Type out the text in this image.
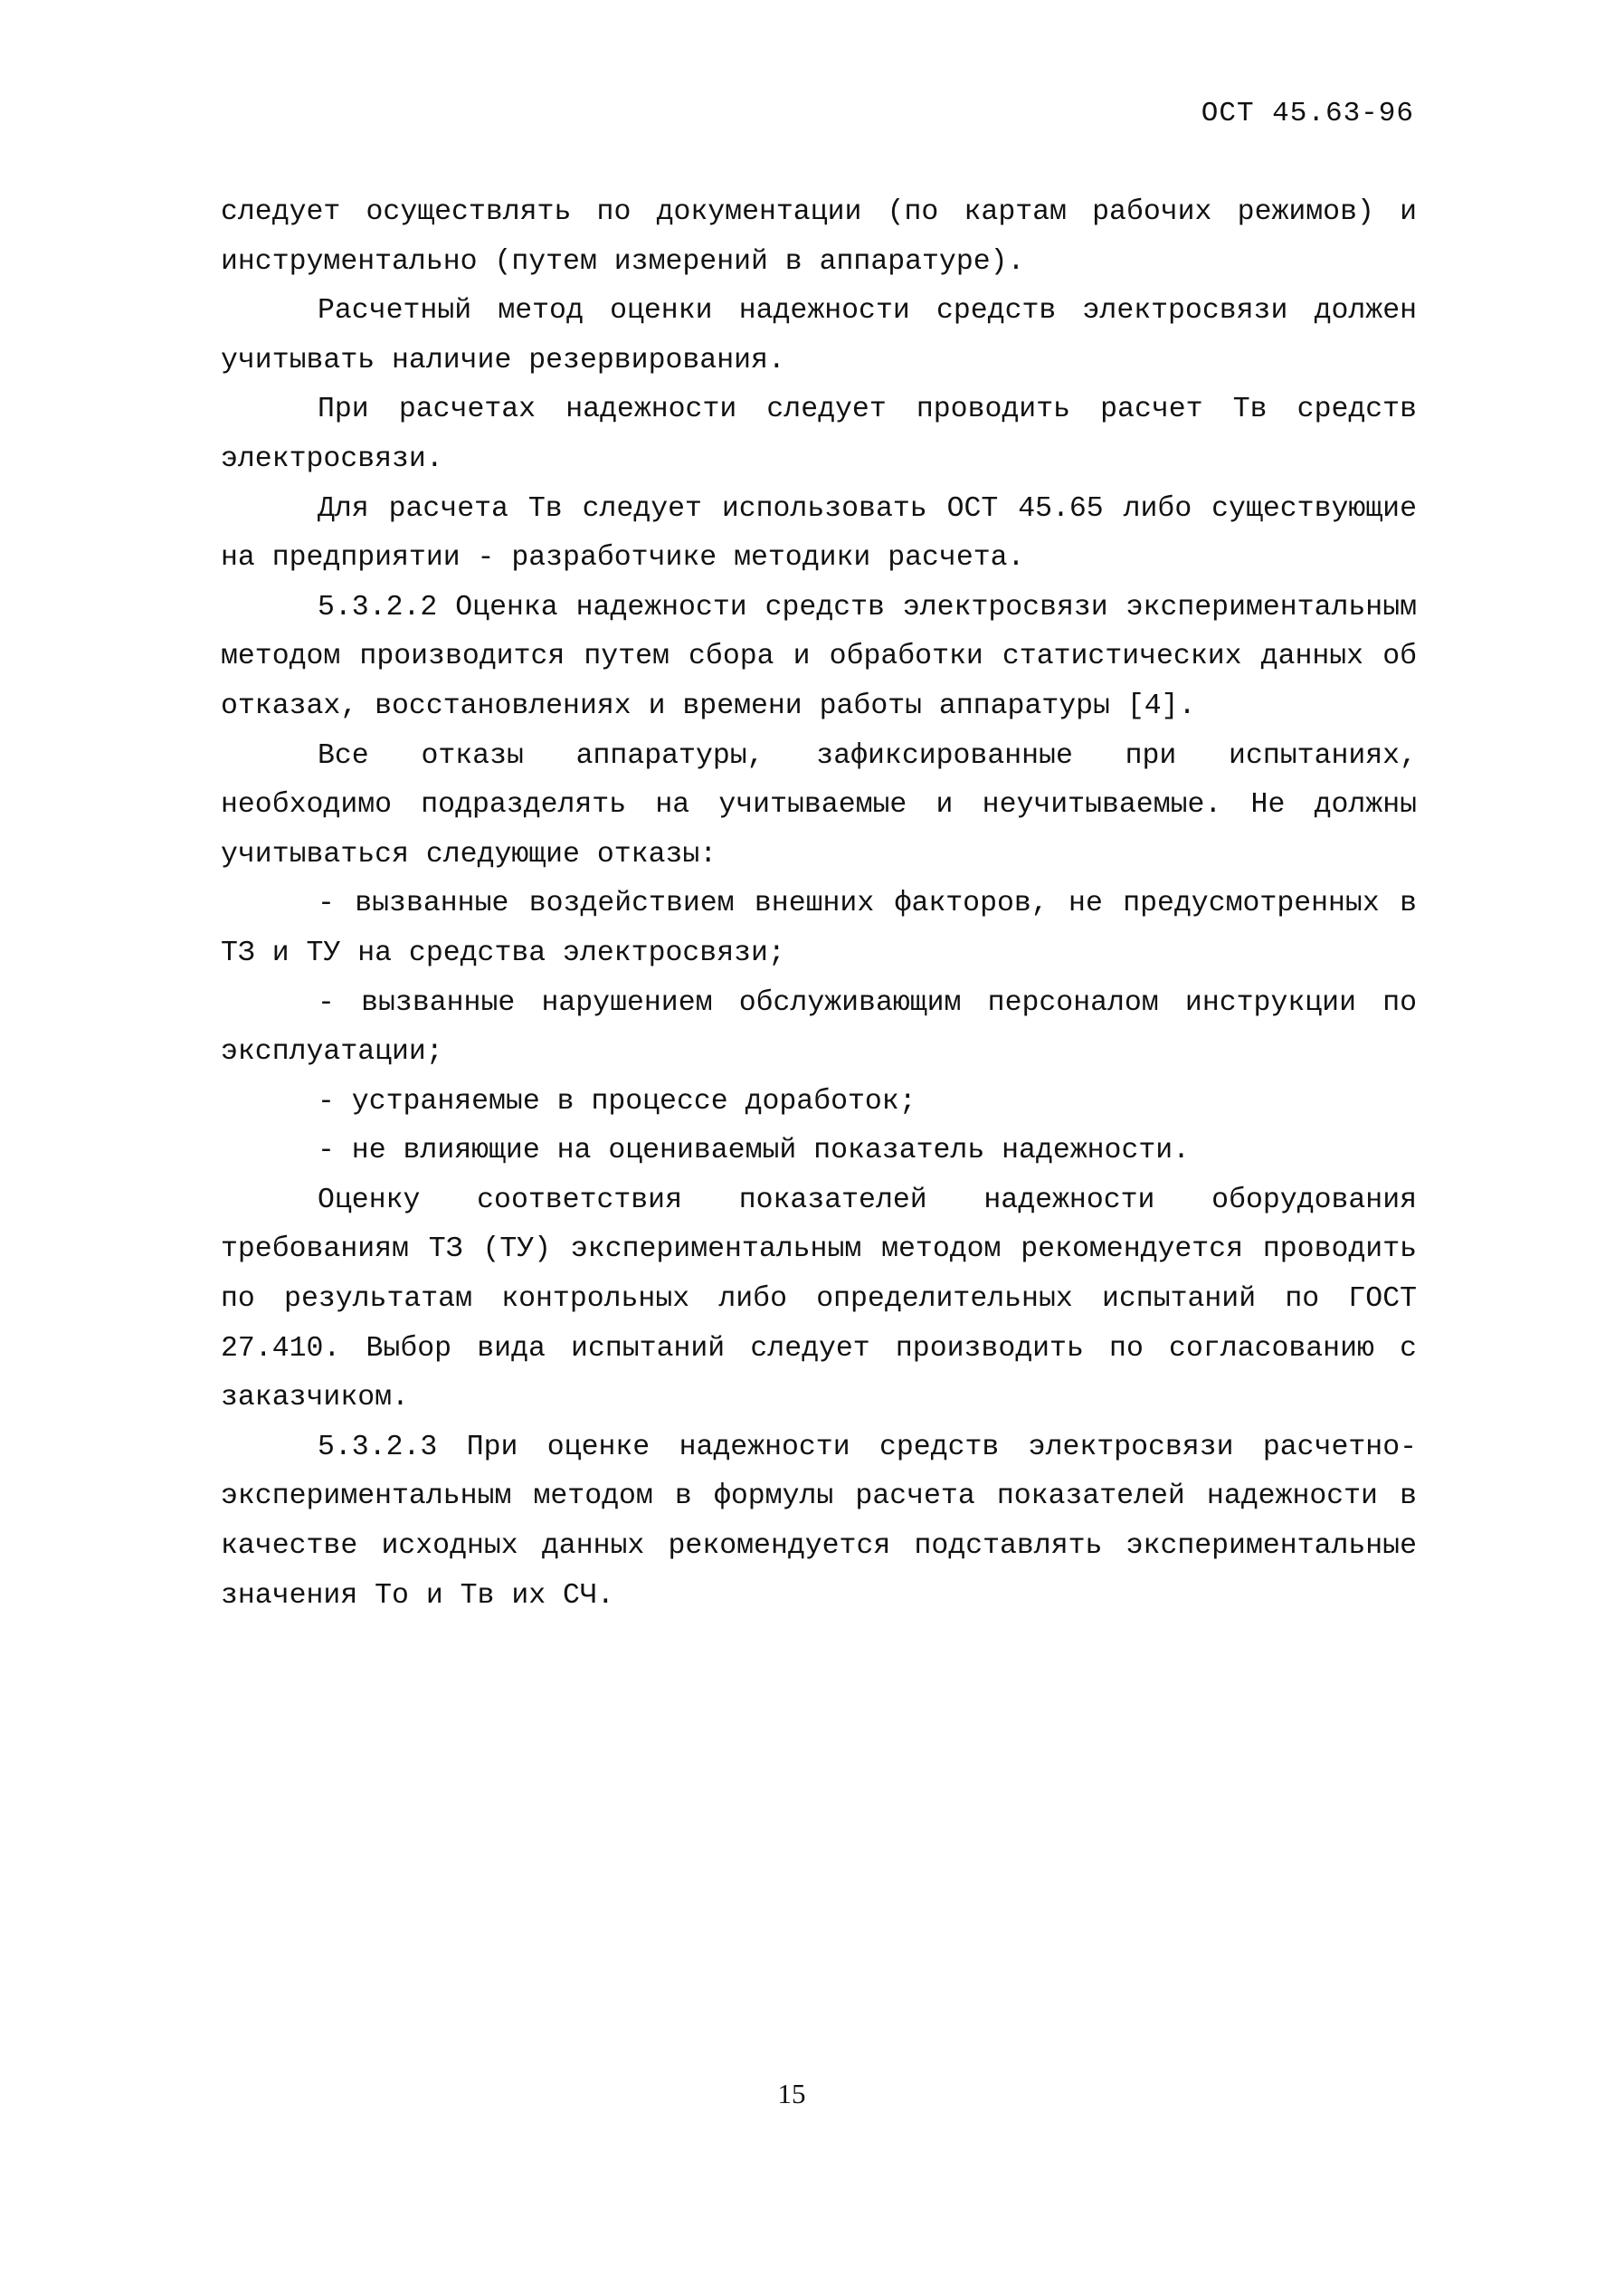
ОСТ 45.63-96

следует осуществлять по документации (по картам рабочих режимов) и инструментально (путем измерений в аппаратуре).

Расчетный метод оценки надежности средств электросвязи должен учитывать наличие резервирования.

При расчетах надежности следует проводить расчет Тв средств электросвязи.

Для расчета Тв следует использовать ОСТ 45.65 либо существующие на предприятии - разработчике методики расчета.

5.3.2.2 Оценка надежности средств электросвязи экспериментальным методом производится путем сбора и обработки статистических данных об отказах, восстановлениях и времени работы аппаратуры [4].

Все отказы аппаратуры, зафиксированные при испытаниях, необходимо подразделять на учитываемые и неучитываемые. Не должны учитываться следующие отказы:

- вызванные воздействием внешних факторов, не предусмотренных в ТЗ и ТУ на средства электросвязи;

- вызванные нарушением обслуживающим персоналом инструкции по эксплуатации;

- устраняемые в процессе доработок;

- не влияющие на оцениваемый показатель надежности.

Оценку соответствия показателей надежности оборудования требованиям ТЗ (ТУ) экспериментальным методом рекомендуется проводить по результатам контрольных либо определительных испытаний по ГОСТ 27.410. Выбор вида испытаний следует производить по согласованию с заказчиком.

5.3.2.3 При оценке надежности средств электросвязи расчетно-экспериментальным методом в формулы расчета показателей надежности в качестве исходных данных рекомендуется подставлять экспериментальные значения То и Тв их СЧ.

15
